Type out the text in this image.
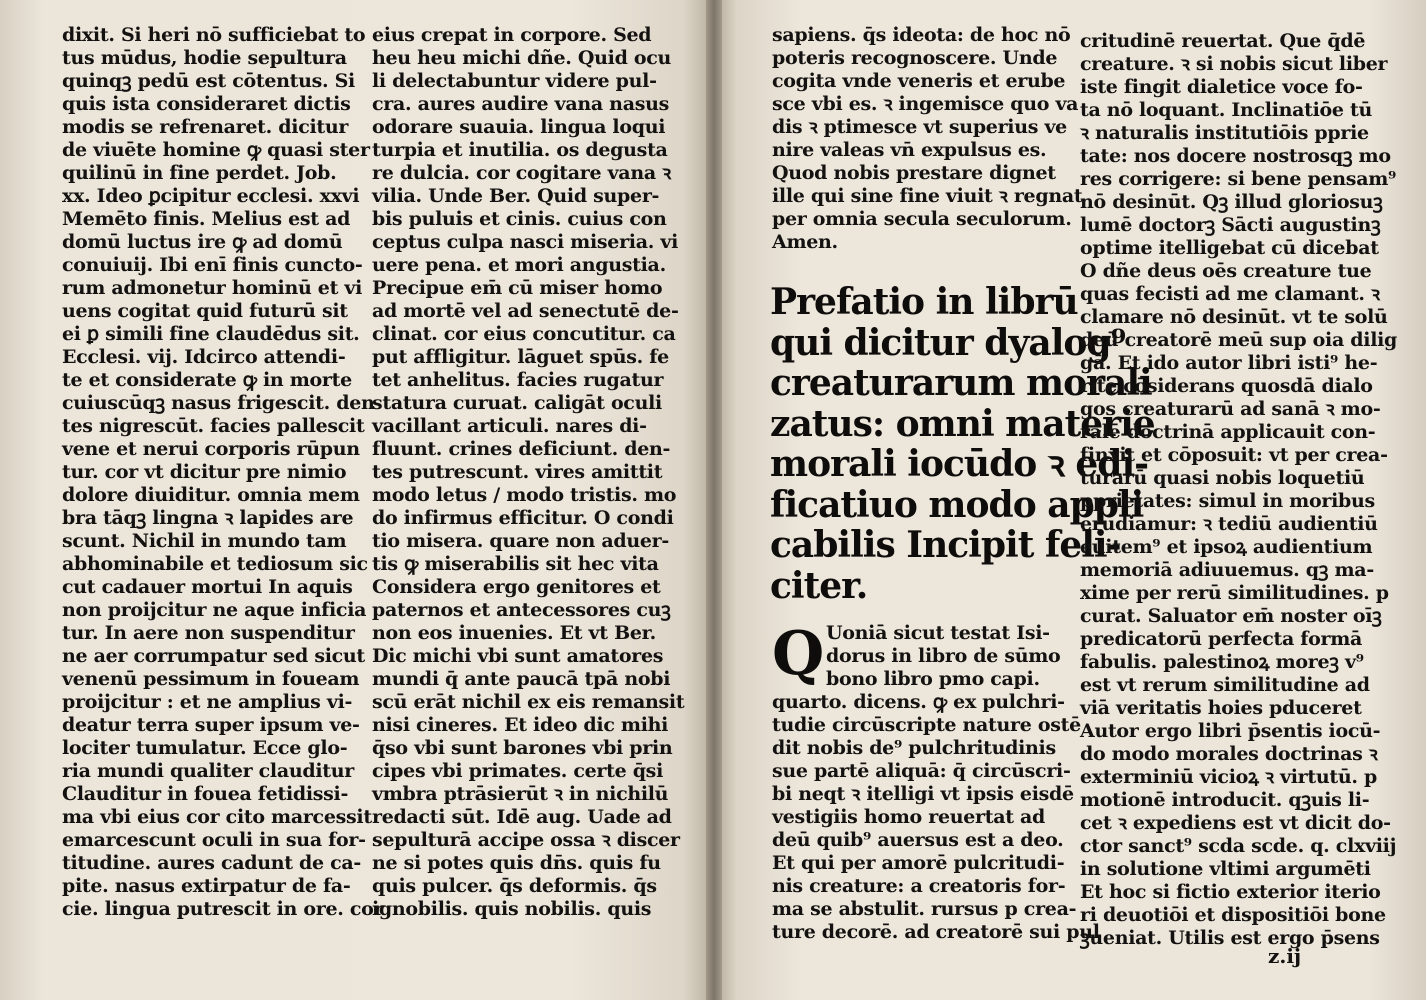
dixit. Si heri nō sufficiebat to
tus mūdus, hodie sepultura
quinqꝫ pedū est cōtentus. Si
quis ista consideraret dictis
modis se refrenaret. dicitur
de viuēte homine ꝙ quasi ster
quilinū in fine perdet. Job.
xx. Ideo ꝑcipitur ecclesi. xxvi
Memēto finis. Melius est ad
domū luctus ire ꝙ ad domū
conuiuij. Ibi enī finis cuncto-
rum admonetur hominū et vi
uens cogitat quid futurū sit
ei ꝑ simili fine claudēdus sit.
Ecclesi. vij. Idcirco attendi-
te et considerate ꝙ in morte
cuiuscūqꝫ nasus frigescit. den
tes nigrescūt. facies pallescit
vene et nerui corporis rūpun
tur. cor vt dicitur pre nimio
dolore diuiditur. omnia mem
bra tāqꝫ lingna ꝛ lapides are
scunt. Nichil in mundo tam
abhominabile et tediosum sic
cut cadauer mortui In aquis
non proijcitur ne aque inficia
tur. In aere non suspenditur
ne aer corrumpatur sed sicut
venenū pessimum in foueam
proijcitur : et ne amplius vi-
deatur terra super ipsum ve-
lociter tumulatur. Ecce glo-
ria mundi qualiter clauditur
Clauditur in fouea fetidissi-
ma vbi eius cor cito marcessit
emarcescunt oculi in sua for-
titudine. aures cadunt de ca-
pite. nasus extirpatur de fa-
cie. lingua putrescit in ore. cor
eius crepat in corpore. Sed
heu heu michi dñe. Quid ocu
li delectabuntur videre pul-
cra. aures audire vana nasus
odorare suauia. lingua loqui
turpia et inutilia. os degusta
re dulcia. cor cogitare vana ꝛ
vilia. Unde Ber. Quid super-
bis puluis et cinis. cuius con
ceptus culpa nasci miseria. vi
uere pena. et mori angustia.
Precipue em̄ cū miser homo
ad mortē vel ad senectutē de-
clinat. cor eius concutitur. ca
put affligitur. lāguet spūs. fe
tet anhelitus. facies rugatur
statura curuat. caligāt oculi
vacillant articuli. nares di-
fluunt. crines deficiunt. den-
tes putrescunt. vires amittit
modo letus / modo tristis. mo
do infirmus efficitur. O condi
tio misera. quare non aduer-
tis ꝙ miserabilis sit hec vita
Considera ergo genitores et
paternos et antecessores cuꝫ
non eos inuenies. Et vt Ber.
Dic michi vbi sunt amatores
mundi q̄ ante paucā tpā nobi
scū erāt nichil ex eis remansit
nisi cineres. Et ideo dic mihi
q̄so vbi sunt barones vbi prin
cipes vbi primates. certe q̄si
vmbra ptrāsierūt ꝛ in nichilū
redacti sūt. Idē aug. Uade ad
sepulturā accipe ossa ꝛ discer
ne si potes quis dn̄s. quis fu
quis pulcer. q̄s deformis. q̄s
ignobilis. quis nobilis. quis
sapiens. q̄s ideota: de hoc nō
poteris recognoscere. Unde
cogita vnde veneris et erube
sce vbi es. ꝛ ingemisce quo va
dis ꝛ ptimesce vt superius ve
nire valeas vn̄ expulsus es.
Quod nobis prestare dignet
ille qui sine fine viuit ꝛ regnat
per omnia secula seculorum.
Amen.
Prefatio in librū
qui dicitur dyalog⁹
creaturarum morali
zatus: omni materie
morali iocūdo ꝛ edi-
ficatiuo modo appli
cabilis Incipit feli-
citer.
Q Uoniā sicut testat Isi-
dorus in libro de sūmo
bono libro pmo capi.
quarto. dicens. ꝙ ex pulchri-
tudie circūscripte nature ostē
dit nobis de⁹ pulchritudinis
sue partē aliquā: q̄ circūscri-
bi neqt ꝛ itelligi vt ipsis eisdē
vestigiis homo reuertat ad
deū quib⁹ auersus est a deo.
Et qui per amorē pulcritudi-
nis creature: a creatoris for-
ma se abstulit. rursus p crea-
ture decorē. ad creatorē sui pul
critudinē reuertat. Que q̄dē
creature. ꝛ si nobis sicut liber
iste fingit dialetice voce fo-
ta nō loquant. Inclinatiōe tū
ꝛ naturalis institutiōis pprie
tate: nos docere nostrosqꝫ mo
res corrigere: si bene pensam⁹
nō desinūt. Qꝫ illud gloriosuꝫ
lumē doctorꝫ Sācti augustinꝫ
optime itelligebat cū dicebat
O dñe deus oēs creature tue
quas fecisti ad me clamant. ꝛ
clamare nō desinūt. vt te solū
deū creatorē meū sup oia dilig
gā. Et ido autor libri isti⁹ he-
rite cōsiderans quosdā dialo
gos creaturarū ad sanā ꝛ mo-
ralē doctrinā applicauit con-
finxit et cōposuit: vt per crea-
turarū quasi nobis loquetiū
pprietates: simul in moribus
erudiamur: ꝛ tediū audientiū
euitem⁹ et ipsoꝝ audientium
memoriā adiuuemus. qꝫ ma-
xime per rerū similitudines. p
curat. Saluator em̄ noster oīꝫ
predicatorū perfecta formā
fabulis. palestinoꝝ moreꝫ v⁹
est vt rerum similitudine ad
viā veritatis hoies pduceret
Autor ergo libri p̄sentis iocū-
do modo morales doctrinas ꝛ
exterminiū vicioꝝ ꝛ virtutū. p
motionē introducit. qꝫuis li-
cet ꝛ expediens est vt dicit do-
ctor sanct⁹ scda scde. q. clxviij
in solutione vltimi argumēti
Et hoc si fictio exterior iterio
ri deuotiōi et dispositiōi bone
ꝫueniat. Utilis est ergo p̄sens
z.ij
